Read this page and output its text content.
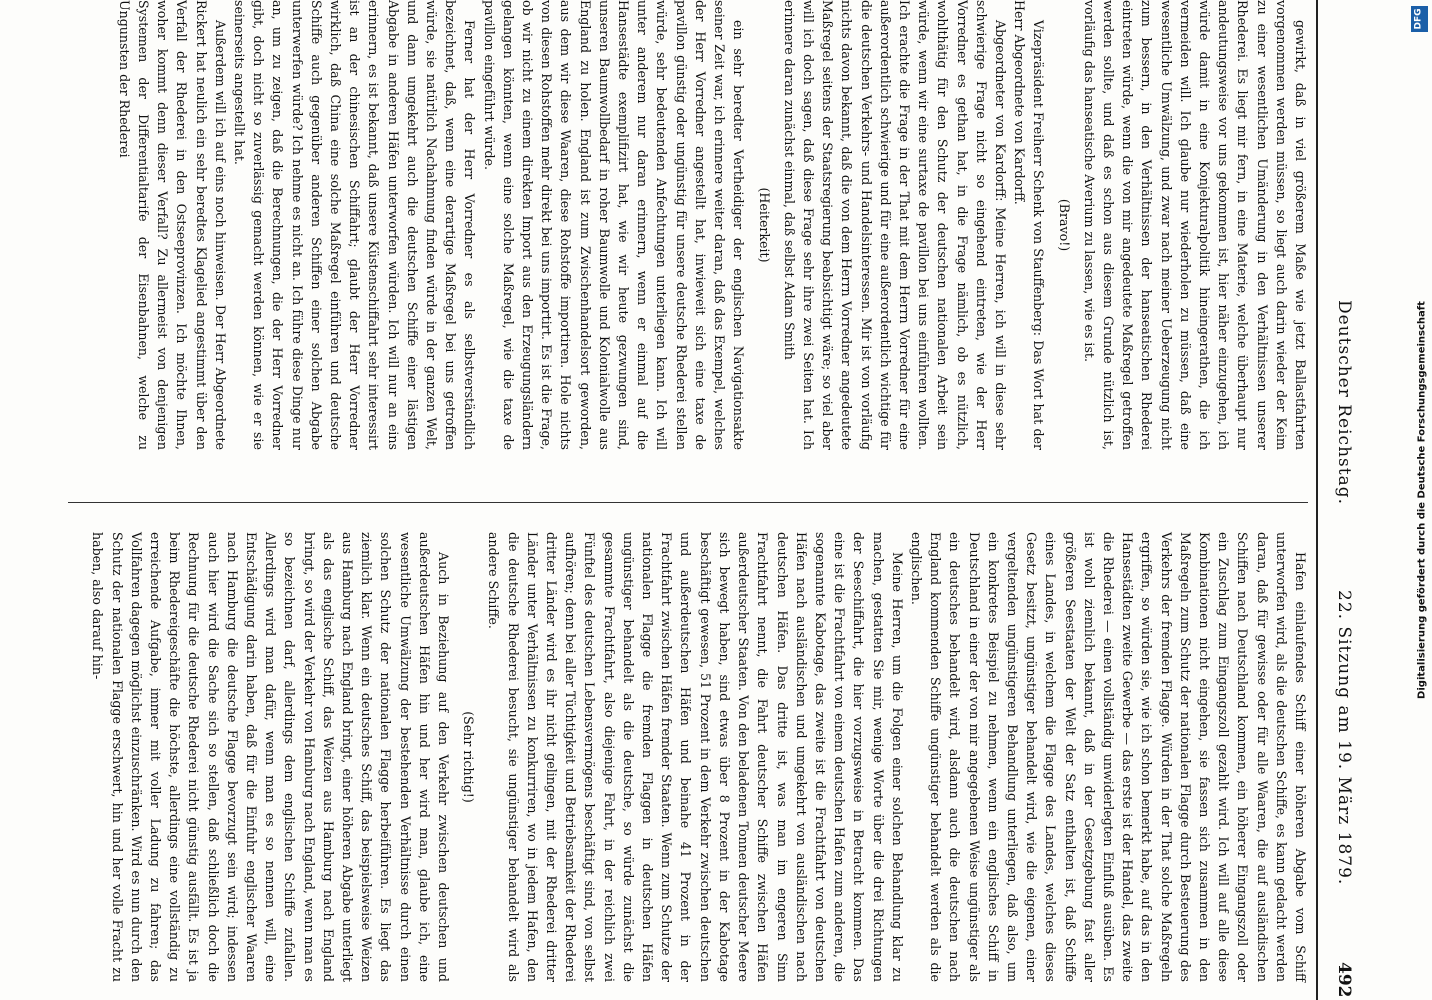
Deutscher Reichstag.
22. Sitzung am 19. März 1879.
492

Hafen einlaufendes Schiff einer höheren Abgabe vom Schiff unterworfen wird, als die deutschen Schiffe, es kann gedacht werden daran, daß für gewisse oder für alle Waaren, die auf ausländischen Schiffen nach Deutschland kommen, ein höherer Eingangszoll oder ein Zuschlag zum Eingangszoll gezahlt wird. Ich will auf alle diese Kombinationen nicht eingehen, sie fassen sich zusammen in den Maßregeln zum Schutz der nationalen Flagge durch Besteuerung des Verkehrs der fremden Flagge. Würden in der That solche Maßregeln ergriffen, so würden sie, wie ich schon bemerkt habe, auf das in den Hansestädten zweite Gewerbe — das erste ist der Handel, das zweite die Rhederei — einen vollständig unwiderlegten Einfluß ausüben. Es ist wohl ziemlich bekannt, daß in der Gesetzgebung fast aller größeren Seestaaten der Welt der Satz enthalten ist, daß Schiffe eines Landes, in welchem die Flagge des Landes, welches dieses Gesetz besitzt, ungünstiger behandelt wird, wie die eigenen, einer vergeltenden ungünstigeren Behandlung unterliegen, daß also, um ein konkretes Beispiel zu nehmen, wenn ein englisches Schiff in Deutschland in einer der von mir angegebenen Weise ungünstiger als ein deutsches behandelt wird, alsdann auch die deutschen nach England kommenden Schiffe ungünstiger behandelt werden als die englischen.

Meine Herren, um die Folgen einer solchen Behandlung klar zu machen, gestatten Sie mir, wenige Worte über die drei Richtungen der Seeschiffahrt, die hier vorzugsweise in Betracht kommen. Das eine ist die Frachtfahrt von einem deutschen Hafen zum anderen, die sogenannte Kabotage, das zweite ist die Frachtfahrt von deutschen Häfen nach ausländischen und umgekehrt von ausländischen nach deutschen Häfen. Das dritte ist, was man im engeren Sinn Frachtfahrt nennt, die Fahrt deutscher Schiffe zwischen Häfen außerdeutscher Staaten. Von den beladenen Tonnen deutscher Meere sich bewegt haben, sind etwas über 8 Prozent in der Kabotage beschäftigt gewesen, 51 Prozent in dem Verkehr zwischen deutschen und außerdeutschen Häfen und beinahe 41 Prozent in der Frachtfahrt zwischen Häfen fremder Staaten. Wenn zum Schutze der nationalen Flagge die fremden Flaggen in deutschen Häfen ungünstiger behandelt als die deutsche, so würde zunächst die gesammte Frachtfahrt, also diejenige Fahrt, in der reichlich zwei Fünftel des deutschen Lebensvermögens beschäftigt sind, von selbst aufhören; denn bei aller Tüchtigkeit und Betriebsamkeit der Rhederei dritter Länder wird es ihr nicht gelingen, mit der Rhederei dritter Länder unter Verhältnissen zu konkurriren, wo in jedem Hafen, den die deutsche Rhederei besucht, sie ungünstiger behandelt wird als andere Schiffe.

(Sehr richtig!)

Auch in Beziehung auf den Verkehr zwischen deutschen und außerdeutschen Häfen hin und her wird man, glaube ich, eine wesentliche Umwälzung der bestehenden Verhältnisse durch einen solchen Schutz der nationalen Flagge herbeiführen. Es liegt das ziemlich klar. Wenn ein deutsches Schiff, das beispielsweise Weizen aus Hamburg nach England bringt, einer höheren Abgabe unterliegt als das englische Schiff, das Weizen aus Hamburg nach England bringt, so wird der Verkehr von Hamburg nach England, wenn man es so bezeichnen darf, allerdings dem englischen Schiffe zufallen. Allerdings wird man dafür, wenn man es so nennen will, eine Entschädigung darin haben, daß für die Einfuhr englischer Waaren nach Hamburg die deutsche Flagge bevorzugt sein wird; indessen auch hier wird die Sache sich so stellen, daß schließlich doch die Rechnung für die deutsche Rhederei nicht günstig ausfällt. Es ist ja beim Rhedereigeschäfte die höchste, allerdings eine vollständig zu erreichende Aufgabe, immer mit voller Ladung zu fahren; das Vollfahren dagegen möglichst einzuschränken. Wird es nun durch den Schutz der nationalen Flagge erschwert, hin und her volle Fracht zu haben, also darauf hin-

gewirkt, daß in viel größerem Maße wie jetzt Ballastfahrten vorgenommen werden müssen, so liegt auch darin wieder der Keim zu einer wesentlichen Umänderung in den Verhältnissen unserer Rhederei. Es liegt mir fern, in eine Materie, welche überhaupt nur andeutungsweise vor uns gekommen ist, hier näher einzugehen, ich würde damit in eine Konjekturalpolitik hineingerathen, die ich vermeiden will. Ich glaube nur wiederholen zu müssen, daß eine wesentliche Umwälzung, und zwar nach meiner Ueberzeugung nicht zum bessern, in den Verhältnissen der hanseatischen Rhederei eintreten würde, wenn die von mir angedeutete Maßregel getroffen werden sollte, und daß es schon aus diesem Grunde nützlich ist, vorläufig das hanseatische Averium zu lassen, wie es ist.

(Bravo!)

Vizepräsident Freiherr Schenk von Stauffenberg: Das Wort hat der Herr Abgeordnete von Kardorff.

Abgeordneter von Kardorff: Meine Herren, ich will in diese sehr schwierige Frage nicht so eingehend eintreten, wie der Herr Vorredner es gethan hat, in die Frage nämlich, ob es nützlich, wohlthätig für den Schutz der deutschen nationalen Arbeit sein würde, wenn wir eine surtaxe de pavillon bei uns einführen wollten. Ich erachte die Frage in der That mit dem Herrn Vorredner für eine außerordentlich schwierige und für eine außerordentlich wichtige für die deutschen Verkehrs- und Handelsinteressen. Mir ist von vorläufig nichts davon bekannt, daß die von dem Herrn Vorredner angedeutete Maßregel seitens der Staatsregierung beabsichtigt wäre; so viel aber will ich doch sagen, daß diese Frage sehr ihre zwei Seiten hat. Ich erinnere daran zunächst einmal, daß selbst Adam Smith

(Heiterkeit)

ein sehr beredter Vertheidiger der englischen Navigationsakte seiner Zeit war, ich erinnere weiter daran, daß das Exempel, welches der Herr Vorredner angestellt hat, inwieweit sich eine taxe de pavillon günstig oder ungünstig für unsere deutsche Rhederei stellen würde, sehr bedeutenden Anfechtungen unterliegen kann. Ich will unter anderem nur daran erinnern, wenn er einmal auf die Hansestädte exemplifizirt hat, wie wir heute gezwungen sind, unseren Baumwollbedarf in roher Baumwolle und Kolonialwolle aus England zu holen. England ist zum Zwischenhandelsort geworden, aus dem wir diese Waaren, diese Rohstoffe importiren. Hole nichts von diesen Rohstoffen mehr direkt bei uns importirt. Es ist die Frage, ob wir nicht zu einem direkten Import aus den Erzeugungsländern gelangen könnten, wenn eine solche Maßregel, wie die taxe de pavillon eingeführt würde.

Ferner hat der Herr Vorredner es als selbstverständlich bezeichnet, daß, wenn eine derartige Maßregel bei uns getroffen würde, sie natürlich Nachahmung finden würde in der ganzen Welt, und dann umgekehrt auch die deutschen Schiffe einer lästigen Abgabe in anderen Häfen unterworfen würden. Ich will nur an eins erinnern, es ist bekannt, daß unsere Küstenschiffahrt sehr interessirt ist an der chinesischen Schiffahrt; glaubt der Herr Vorredner wirklich, daß China eine solche Maßregel einführen und deutsche Schiffe auch gegenüber anderen Schiffen einer solchen Abgabe unterwerfen würde? Ich nehme es nicht an. Ich führe diese Dinge nur an, um zu zeigen, daß die Berechnungen, die der Herr Vorredner gibt, doch nicht so zuverlässig gemacht werden können, wie er sie seinerseits angestellt hat.

Außerdem will ich auf eins noch hinweisen. Der Herr Abgeordnete Rickert hat neulich ein sehr beredtes Klagelied angestimmt über den Verfall der Rhederei in den Ostseeprovinzen. Ich möchte Ihnen, woher kommt denn dieser Verfall? Zu allermeist von denjenigen Systemen der Differentialtarife der Eisenbahnen, welche zu Ungunsten der Rhederei

Digitalisierung gefördert durch die Deutsche Forschungsgemeinschaft
DFG
